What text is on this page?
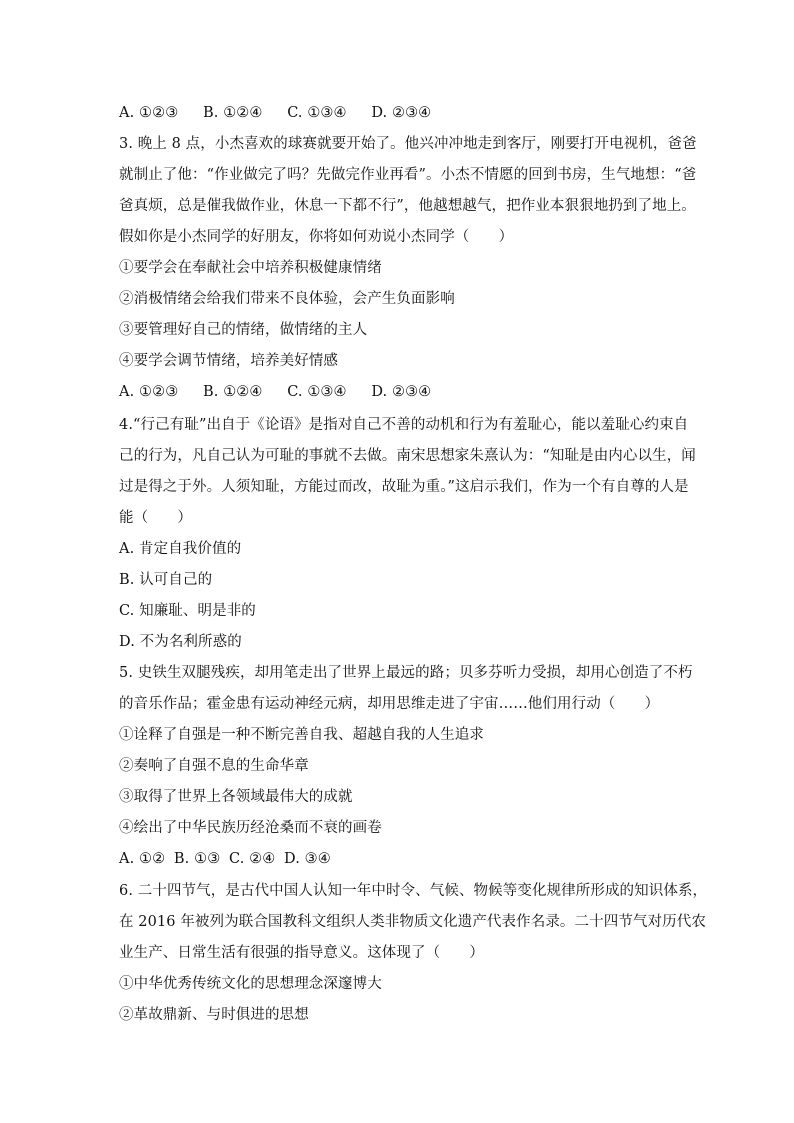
A. ①②③ B. ①②④ C. ①③④ D. ②③④
3. 晚上 8 点，小杰喜欢的球赛就要开始了。他兴冲冲地走到客厅，刚要打开电视机，爸爸
就制止了他：“作业做完了吗？先做完作业再看”。小杰不情愿的回到书房，生气地想：“爸
爸真烦，总是催我做作业，休息一下都不行”，他越想越气，把作业本狠狠地扔到了地上。
假如你是小杰同学的好朋友，你将如何劝说小杰同学（　　）
①要学会在奉献社会中培养积极健康情绪
②消极情绪会给我们带来不良体验，会产生负面影响
③要管理好自己的情绪，做情绪的主人
④要学会调节情绪，培养美好情感
A. ①②③ B. ①②④ C. ①③④ D. ②③④
4.“行己有耻”出自于《论语》是指对自己不善的动机和行为有羞耻心，能以羞耻心约束自
己的行为，凡自己认为可耻的事就不去做。南宋思想家朱熹认为：“知耻是由内心以生，闻
过是得之于外。人须知耻，方能过而改，故耻为重。”这启示我们，作为一个有自尊的人是
能（　　）
A. 肯定自我价值的
B. 认可自己的
C. 知廉耻、明是非的
D. 不为名利所惑的
5. 史铁生双腿残疾，却用笔走出了世界上最远的路；贝多芬听力受损，却用心创造了不朽
的音乐作品；霍金患有运动神经元病，却用思维走进了宇宙……他们用行动（　　）
①诠释了自强是一种不断完善自我、超越自我的人生追求
②奏响了自强不息的生命华章
③取得了世界上各领域最伟大的成就
④绘出了中华民族历经沧桑而不衰的画卷
A. ①② B. ①③ C. ②④ D. ③④
6. 二十四节气，是古代中国人认知一年中时令、气候、物候等变化规律所形成的知识体系，
在 2016 年被列为联合国教科文组织人类非物质文化遗产代表作名录。二十四节气对历代农
业生产、日常生活有很强的指导意义。这体现了（　　）
①中华优秀传统文化的思想理念深邃博大
②革故鼎新、与时俱进的思想
